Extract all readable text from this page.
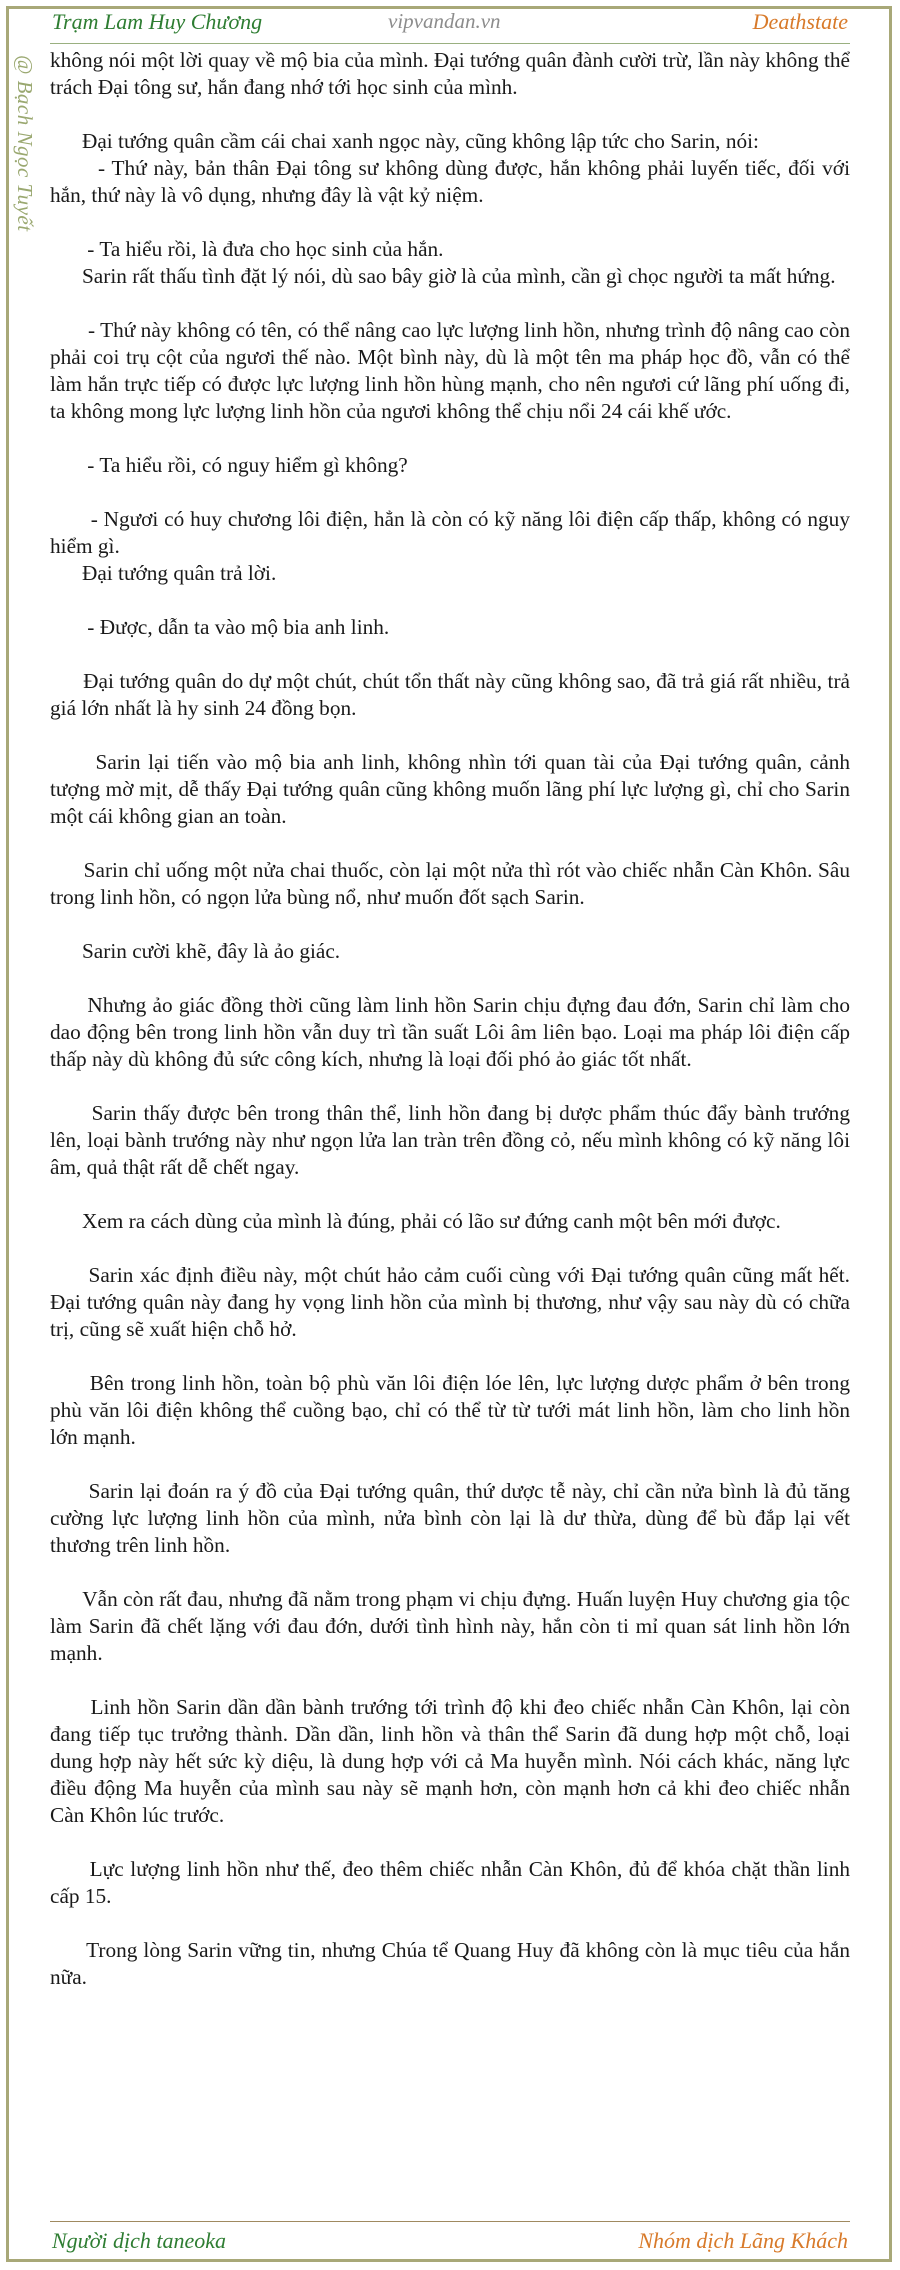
Trạm Lam Huy Chương	vipvandan.vn	Deathstate
@ Bạch Ngọc Tuyết không nói một lời quay về mộ bia của mình. Đại tướng quân đành cười trừ, lần này không thể trách Đại tông sư, hắn đang nhớ tới học sinh của mình.

Đại tướng quân cầm cái chai xanh ngọc này, cũng không lập tức cho Sarin, nói:

- Thứ này, bản thân Đại tông sư không dùng được, hắn không phải luyến tiếc, đối với hắn, thứ này là vô dụng, nhưng đây là vật kỷ niệm.

- Ta hiểu rồi, là đưa cho học sinh của hắn.

Sarin rất thấu tình đặt lý nói, dù sao bây giờ là của mình, cần gì chọc người ta mất hứng.

- Thứ này không có tên, có thể nâng cao lực lượng linh hồn, nhưng trình độ nâng cao còn phải coi trụ cột của ngươi thế nào. Một bình này, dù là một tên ma pháp học đồ, vẫn có thể làm hắn trực tiếp có được lực lượng linh hồn hùng mạnh, cho nên ngươi cứ lãng phí uống đi, ta không mong lực lượng linh hồn của ngươi không thể chịu nổi 24 cái khế ước.

- Ta hiểu rồi, có nguy hiểm gì không?

- Ngươi có huy chương lôi điện, hẳn là còn có kỹ năng lôi điện cấp thấp, không có nguy hiểm gì.

Đại tướng quân trả lời.

- Được, dẫn ta vào mộ bia anh linh.

Đại tướng quân do dự một chút, chút tổn thất này cũng không sao, đã trả giá rất nhiều, trả giá lớn nhất là hy sinh 24 đồng bọn.

Sarin lại tiến vào mộ bia anh linh, không nhìn tới quan tài của Đại tướng quân, cảnh tượng mờ mịt, dễ thấy Đại tướng quân cũng không muốn lãng phí lực lượng gì, chỉ cho Sarin một cái không gian an toàn.

Sarin chỉ uống một nửa chai thuốc, còn lại một nửa thì rót vào chiếc nhẫn Càn Khôn. Sâu trong linh hồn, có ngọn lửa bùng nổ, như muốn đốt sạch Sarin.

Sarin cười khẽ, đây là ảo giác.

Nhưng ảo giác đồng thời cũng làm linh hồn Sarin chịu đựng đau đớn, Sarin chỉ làm cho dao động bên trong linh hồn vẫn duy trì tần suất Lôi âm liên bạo. Loại ma pháp lôi điện cấp thấp này dù không đủ sức công kích, nhưng là loại đối phó ảo giác tốt nhất.

Sarin thấy được bên trong thân thể, linh hồn đang bị dược phẩm thúc đẩy bành trướng lên, loại bành trướng này như ngọn lửa lan tràn trên đồng cỏ, nếu mình không có kỹ năng lôi âm, quả thật rất dễ chết ngay.

Xem ra cách dùng của mình là đúng, phải có lão sư đứng canh một bên mới được.

Sarin xác định điều này, một chút hảo cảm cuối cùng với Đại tướng quân cũng mất hết. Đại tướng quân này đang hy vọng linh hồn của mình bị thương, như vậy sau này dù có chữa trị, cũng sẽ xuất hiện chỗ hở.

Bên trong linh hồn, toàn bộ phù văn lôi điện lóe lên, lực lượng dược phẩm ở bên trong phù văn lôi điện không thể cuồng bạo, chỉ có thể từ từ tưới mát linh hồn, làm cho linh hồn lớn mạnh.

Sarin lại đoán ra ý đồ của Đại tướng quân, thứ dược tễ này, chỉ cần nửa bình là đủ tăng cường lực lượng linh hồn của mình, nửa bình còn lại là dư thừa, dùng để bù đắp lại vết thương trên linh hồn.

Vẫn còn rất đau, nhưng đã nằm trong phạm vi chịu đựng. Huấn luyện Huy chương gia tộc làm Sarin đã chết lặng với đau đớn, dưới tình hình này, hắn còn ti mỉ quan sát linh hồn lớn mạnh.

Linh hồn Sarin dần dần bành trướng tới trình độ khi đeo chiếc nhẫn Càn Khôn, lại còn đang tiếp tục trưởng thành. Dần dần, linh hồn và thân thể Sarin đã dung hợp một chỗ, loại dung hợp này hết sức kỳ diệu, là dung hợp với cả Ma huyễn mình. Nói cách khác, năng lực điều động Ma huyễn của mình sau này sẽ mạnh hơn, còn mạnh hơn cả khi đeo chiếc nhẫn Càn Khôn lúc trước.

Lực lượng linh hồn như thế, đeo thêm chiếc nhẫn Càn Khôn, đủ để khóa chặt thần linh cấp 15.

Trong lòng Sarin vững tin, nhưng Chúa tể Quang Huy đã không còn là mục tiêu của hắn nữa.

Người dịch taneoka	Nhóm dịch Lãng Khách
